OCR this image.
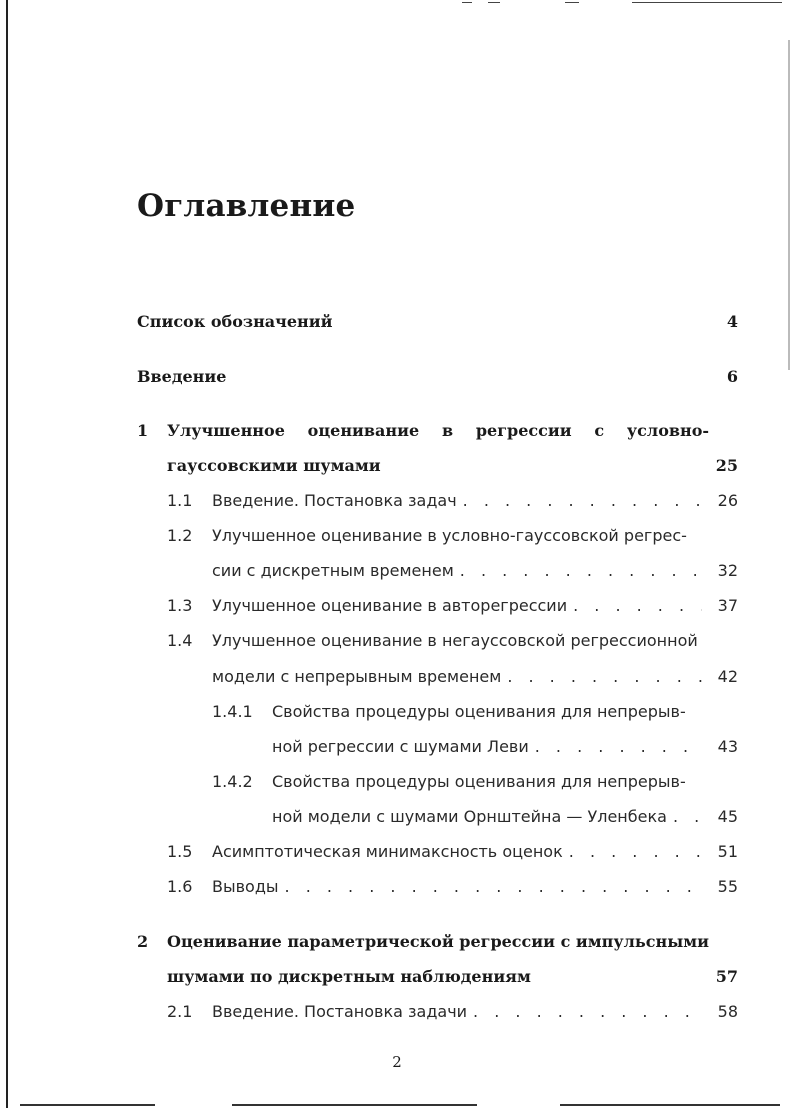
Оглавление
Список обозначений	4
Введение	6
1	Улучшенное оценивание в регрессии с условно-
гауссовскими шумами	25
1.1	Введение. Постановка задач . . .	26
1.2	Улучшенное оценивание в условно-гауссовской регрес-
сии с дискретным временем . . .	32
1.3	Улучшенное оценивание в авторегрессии . . .	37
1.4	Улучшенное оценивание в негауссовской регрессионной
модели с непрерывным временем . . .	42
1.4.1	Свойства процедуры оценивания для непрерыв-
ной регрессии с шумами Леви . . .	43
1.4.2	Свойства процедуры оценивания для непрерыв-
ной модели с шумами Орнштейна — Уленбека . . .	45
1.5	Асимптотическая минимаксность оценок . . .	51
1.6	Выводы . . .	55
2	Оценивание параметрической регрессии с импульсными
шумами по дискретным наблюдениям	57
2.1	Введение. Постановка задачи . . .	58
2
